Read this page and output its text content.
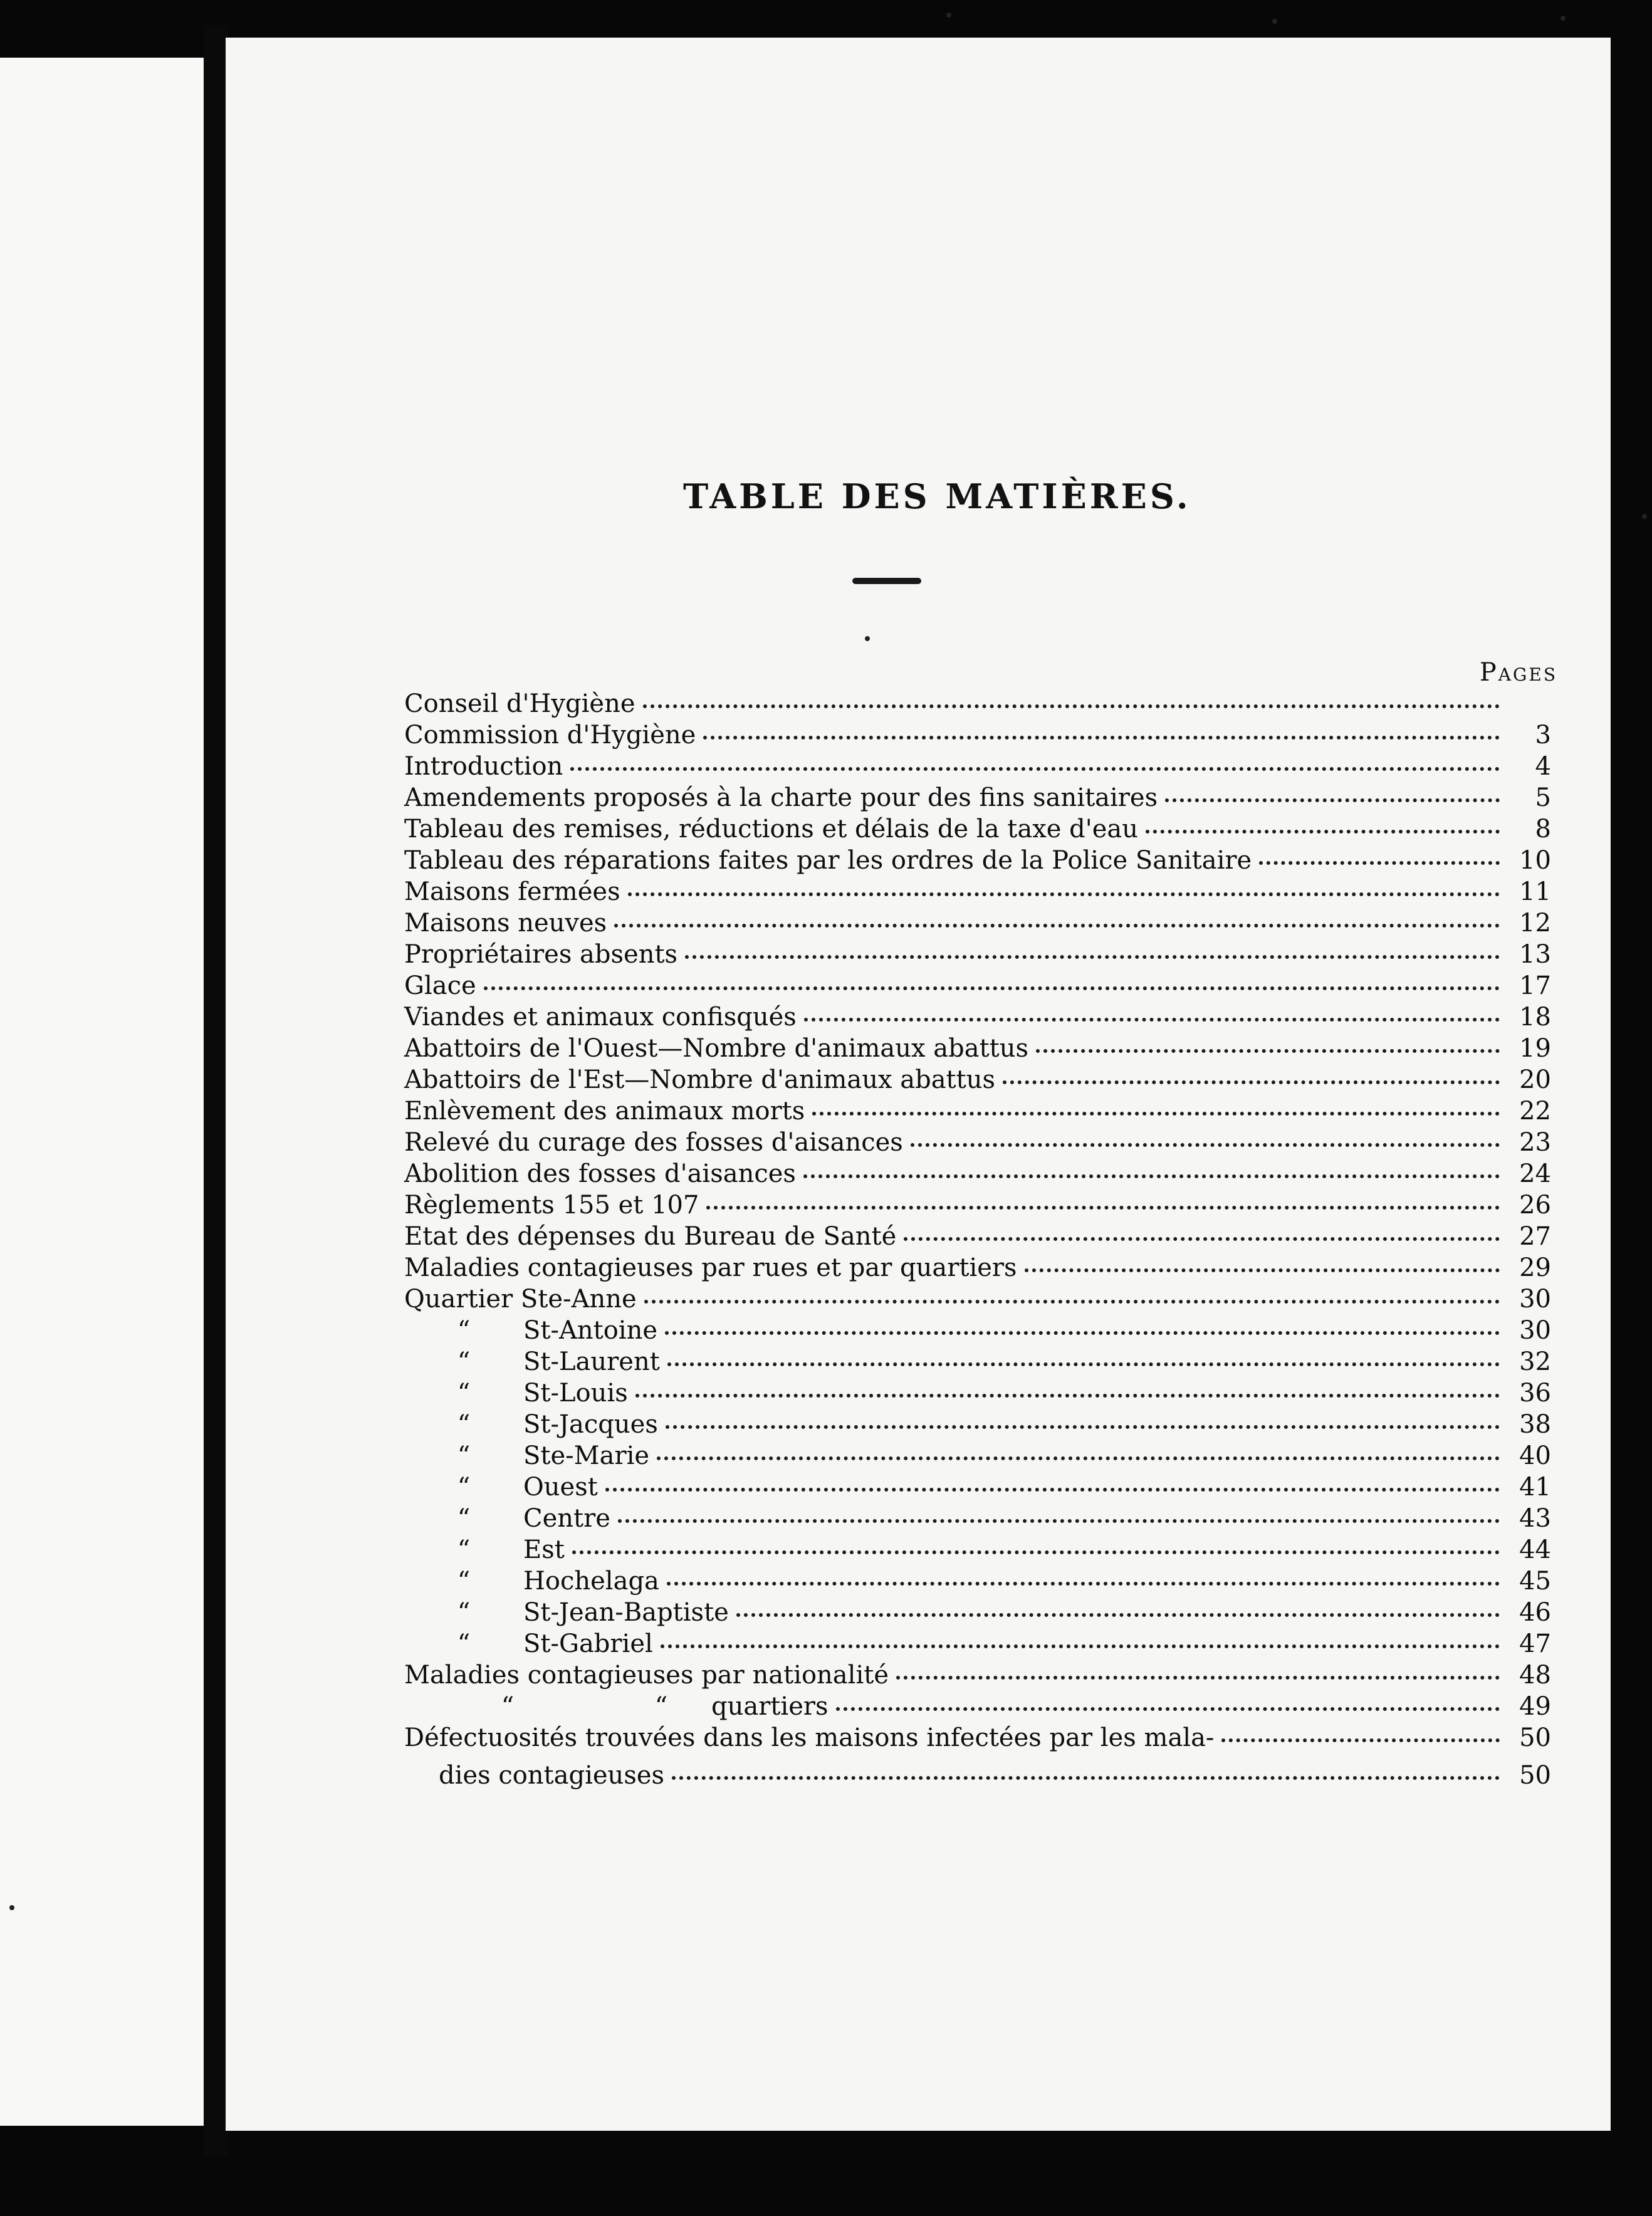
TABLE DES MATIÈRES.
Pages
Conseil d'Hygiène
Commission d'Hygiène	3
Introduction	4
Amendements proposés à la charte pour des fins sanitaires	5
Tableau des remises, réductions et délais de la taxe d'eau	8
Tableau des réparations faites par les ordres de la Police Sanitaire	10
Maisons fermées	11
Maisons neuves	12
Propriétaires absents	13
Glace	17
Viandes et animaux confisqués	18
Abattoirs de l'Ouest—Nombre d'animaux abattus	19
Abattoirs de l'Est—Nombre d'animaux abattus	20
Enlèvement des animaux morts	22
Relevé du curage des fosses d'aisances	23
Abolition des fosses d'aisances	24
Règlements 155 et 107	26
Etat des dépenses du Bureau de Santé	27
Maladies contagieuses par rues et par quartiers	29
Quartier Ste-Anne	30
“	St-Antoine	30
“	St-Laurent	32
“	St-Louis	36
“	St-Jacques	38
“	Ste-Marie	40
“	Ouest	41
“	Centre	43
“	Est	44
“	Hochelaga	45
“	St-Jean-Baptiste	46
“	St-Gabriel	47
Maladies contagieuses par nationalité	48
“	“	quartiers	49
Défectuosités trouvées dans les maisons infectées par les mala-	50
dies contagieuses	50
